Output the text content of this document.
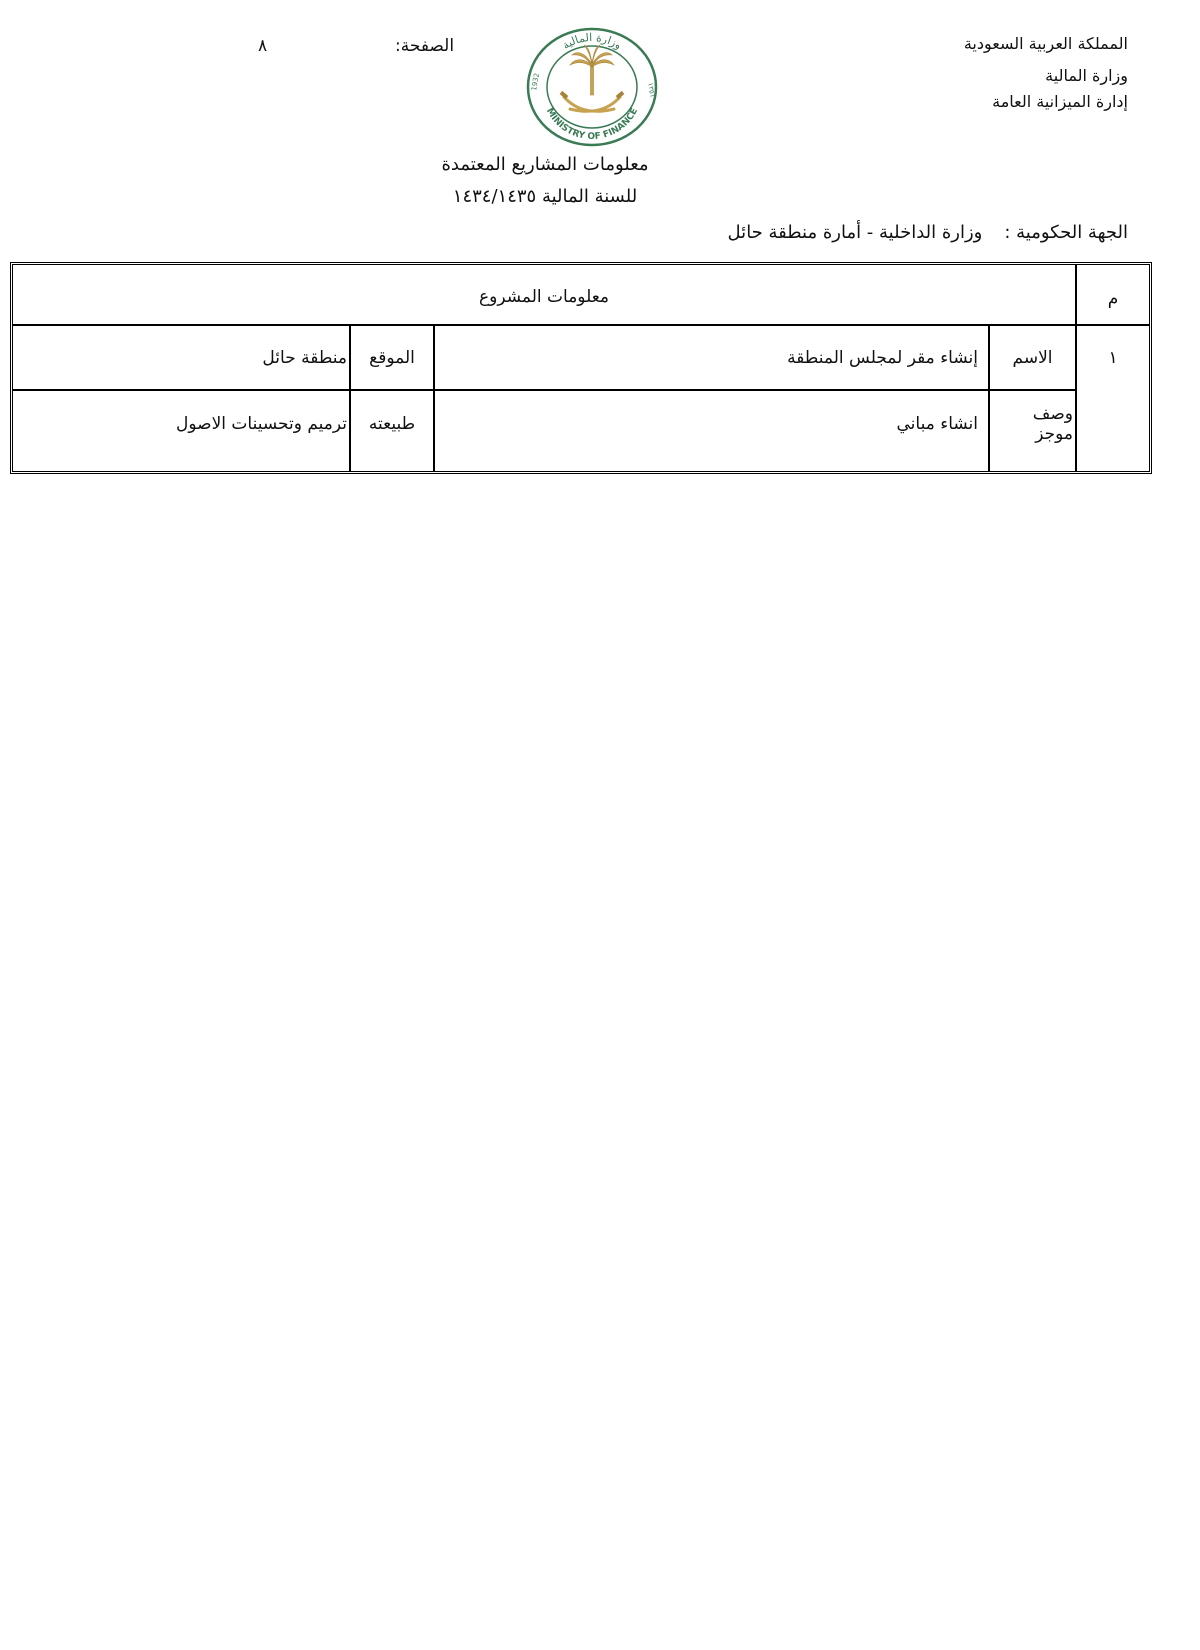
الصفحة:
٨	المملكة العربية السعودية
وزارة المالية
إدارة الميزانية العامة
وزارة المالية
MINISTRY OF FINANCE
1932	١٣٥١
معلومات المشاريع المعتمدة
للسنة المالية ١٤٣٤/١٤٣٥
الجهة الحكومية :وزارة الداخلية - أمارة منطقة حائل
م
معلومات المشروع
١
الاسم
إنشاء مقر لمجلس المنطقة
الموقع
منطقة حائل
وصف موجز
انشاء مباني
طبيعته
ترميم وتحسينات الاصول
